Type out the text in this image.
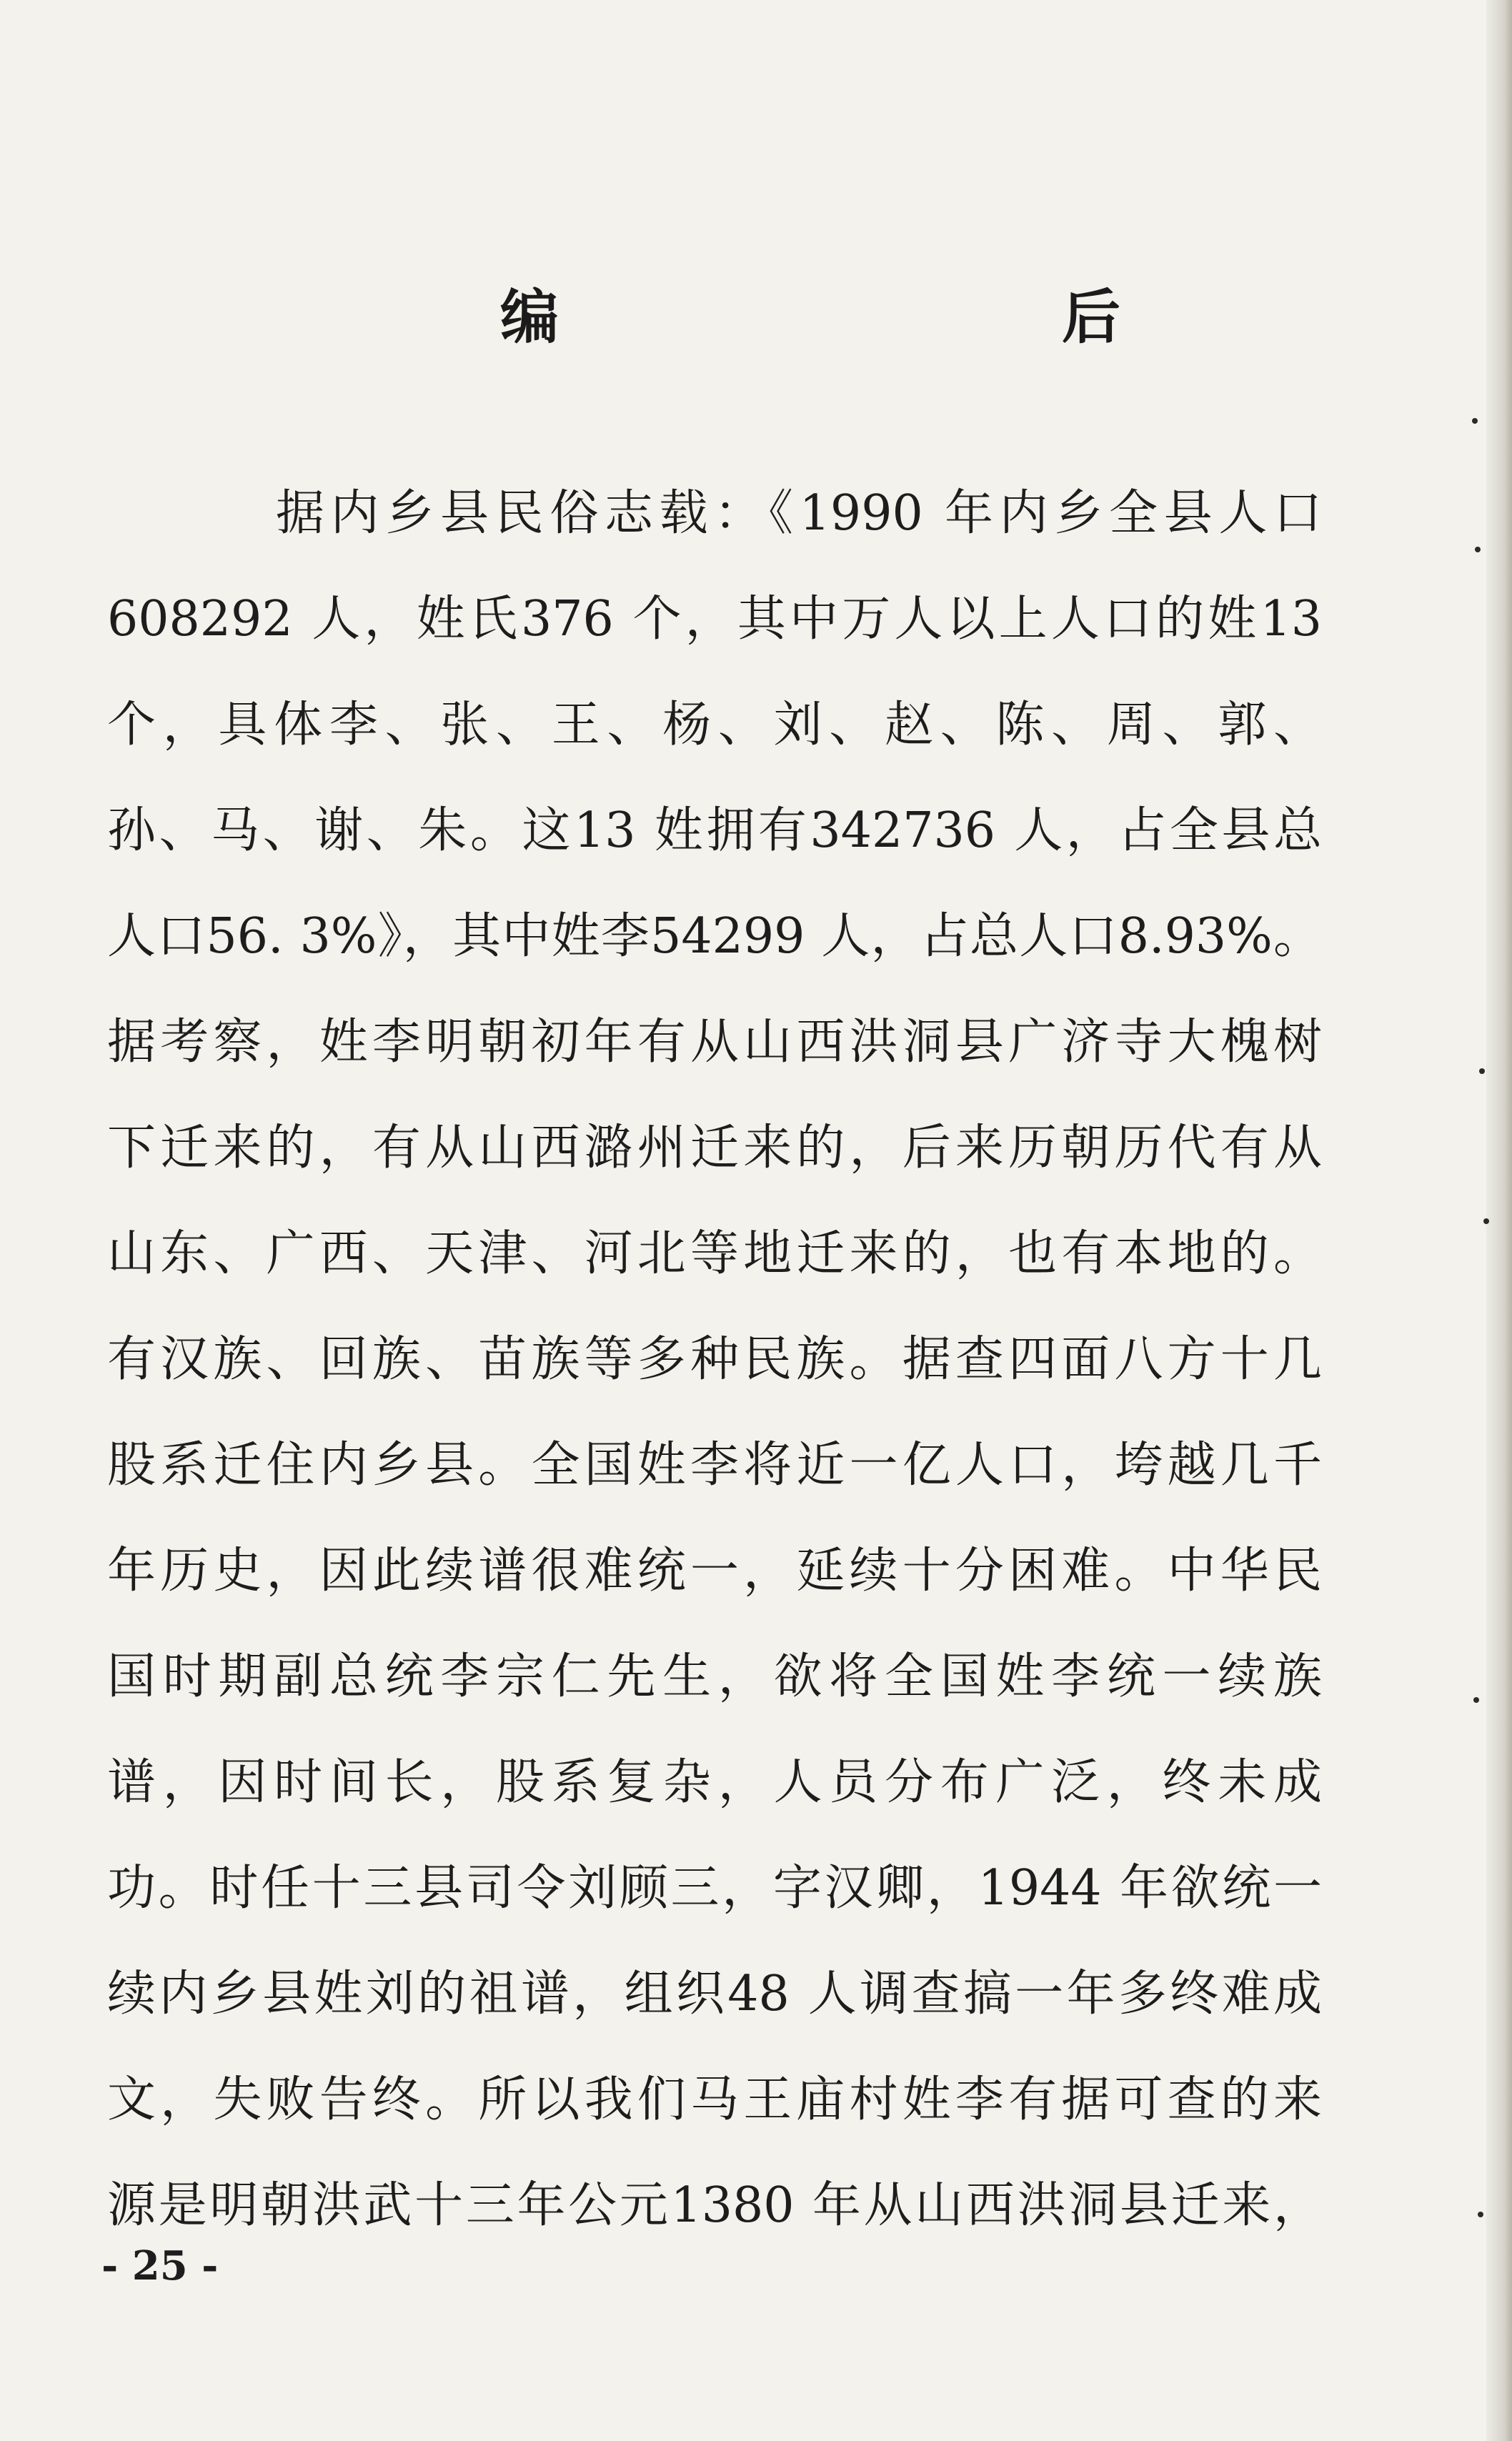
编　　后
据内乡县民俗志载：《1990 年内乡全县人口
608292 人，姓氏376 个，其中万人以上人口的姓13
个，具体李、张、王、杨、刘、赵、陈、周、郭、
孙、马、谢、朱。这13 姓拥有342736 人，占全县总
人口56. 3%》，其中姓李54299 人，占总人口8.93%。
据考察，姓李明朝初年有从山西洪洞县广济寺大槐树
下迁来的，有从山西潞州迁来的，后来历朝历代有从
山东、广西、天津、河北等地迁来的，也有本地的。
有汉族、回族、苗族等多种民族。据查四面八方十几
股系迁住内乡县。全国姓李将近一亿人口，垮越几千
年历史，因此续谱很难统一，延续十分困难。中华民
国时期副总统李宗仁先生，欲将全国姓李统一续族
谱，因时间长，股系复杂，人员分布广泛，终未成
功。时任十三县司令刘顾三，字汉卿，1944 年欲统一
续内乡县姓刘的祖谱，组织48 人调查搞一年多终难成
文，失败告终。所以我们马王庙村姓李有据可查的来
源是明朝洪武十三年公元1380 年从山西洪洞县迁来，
- 25 -
